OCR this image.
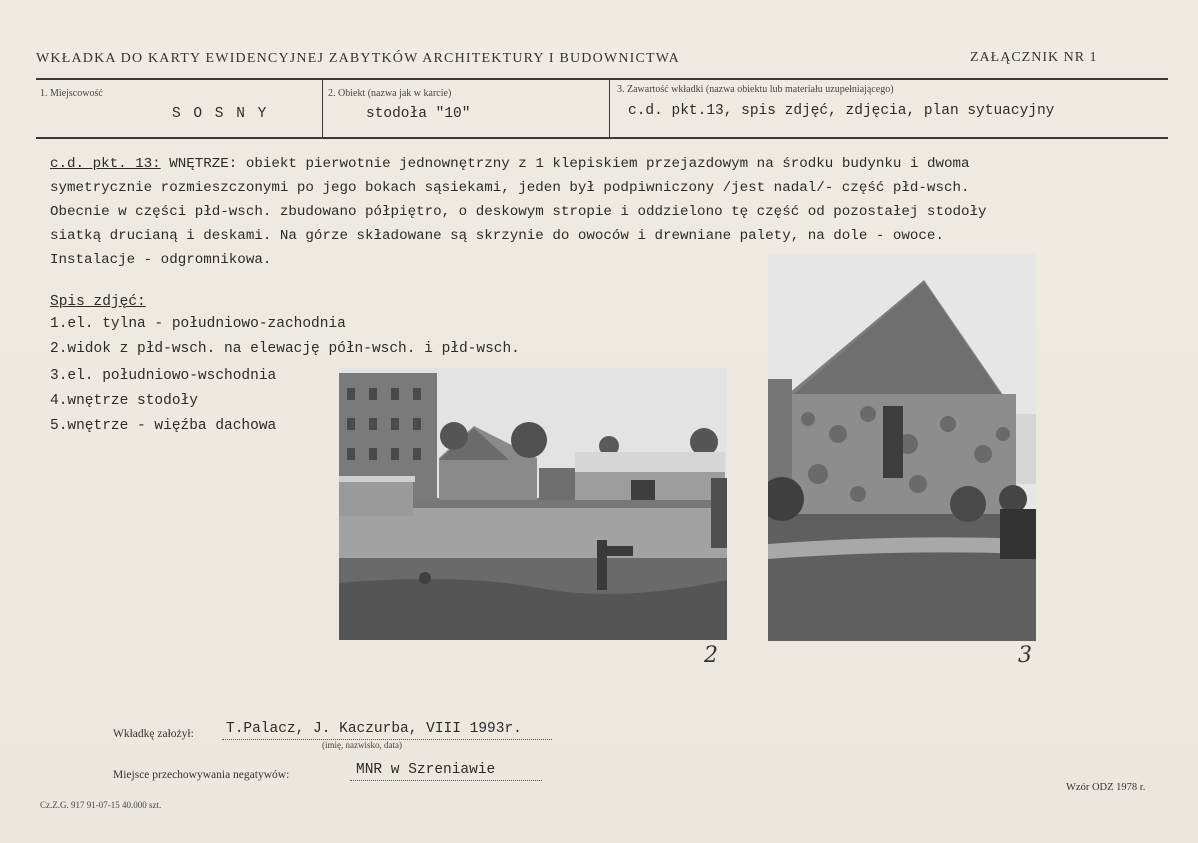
WKŁADKA DO KARTY EWIDENCYJNEJ ZABYTKÓW ARCHITEKTURY I BUDOWNICTWA	ZAŁĄCZNIK NR 1
1. Miejscowość
S O S N Y
2. Obiekt (nazwa jak w karcie)
stodoła "10"
3. Zawartość wkładki (nazwa obiektu lub materiału uzupełniającego)
c.d. pkt.13, spis zdjęć, zdjęcia, plan sytuacyjny
c.d. pkt. 13: WNĘTRZE: obiekt pierwotnie jednownętrzny z 1 klepiskiem przejazdowym na środku budynku i dwoma
symetrycznie rozmieszczonymi po jego bokach sąsiekami, jeden był podpiwniczony /jest nadal/- część płd-wsch.
Obecnie w części płd-wsch. zbudowano półpiętro, o deskowym stropie i oddzielono tę część od pozostałej stodoły
siatką drucianą i deskami. Na górze składowane są skrzynie do owoców i drewniane palety, na dole - owoce.
Instalacje - odgromnikowa.
Spis zdjęć:
1.el. tylna - południowo-zachodnia
2.widok z płd-wsch. na elewację półn-wsch. i płd-wsch.
3.el. południowo-wschodnia
4.wnętrze stodoły
5.wnętrze - więźba dachowa
2	3
Wkładkę założył: T.Palacz, J. Kaczurba, VIII 1993r.
(imię, nazwisko, data)
Miejsce przechowywania negatywów:	MNR w Szreniawie
Cz.Z.G. 917 91-07-15 40.000 szt.
Wzór ODZ 1978 r.
